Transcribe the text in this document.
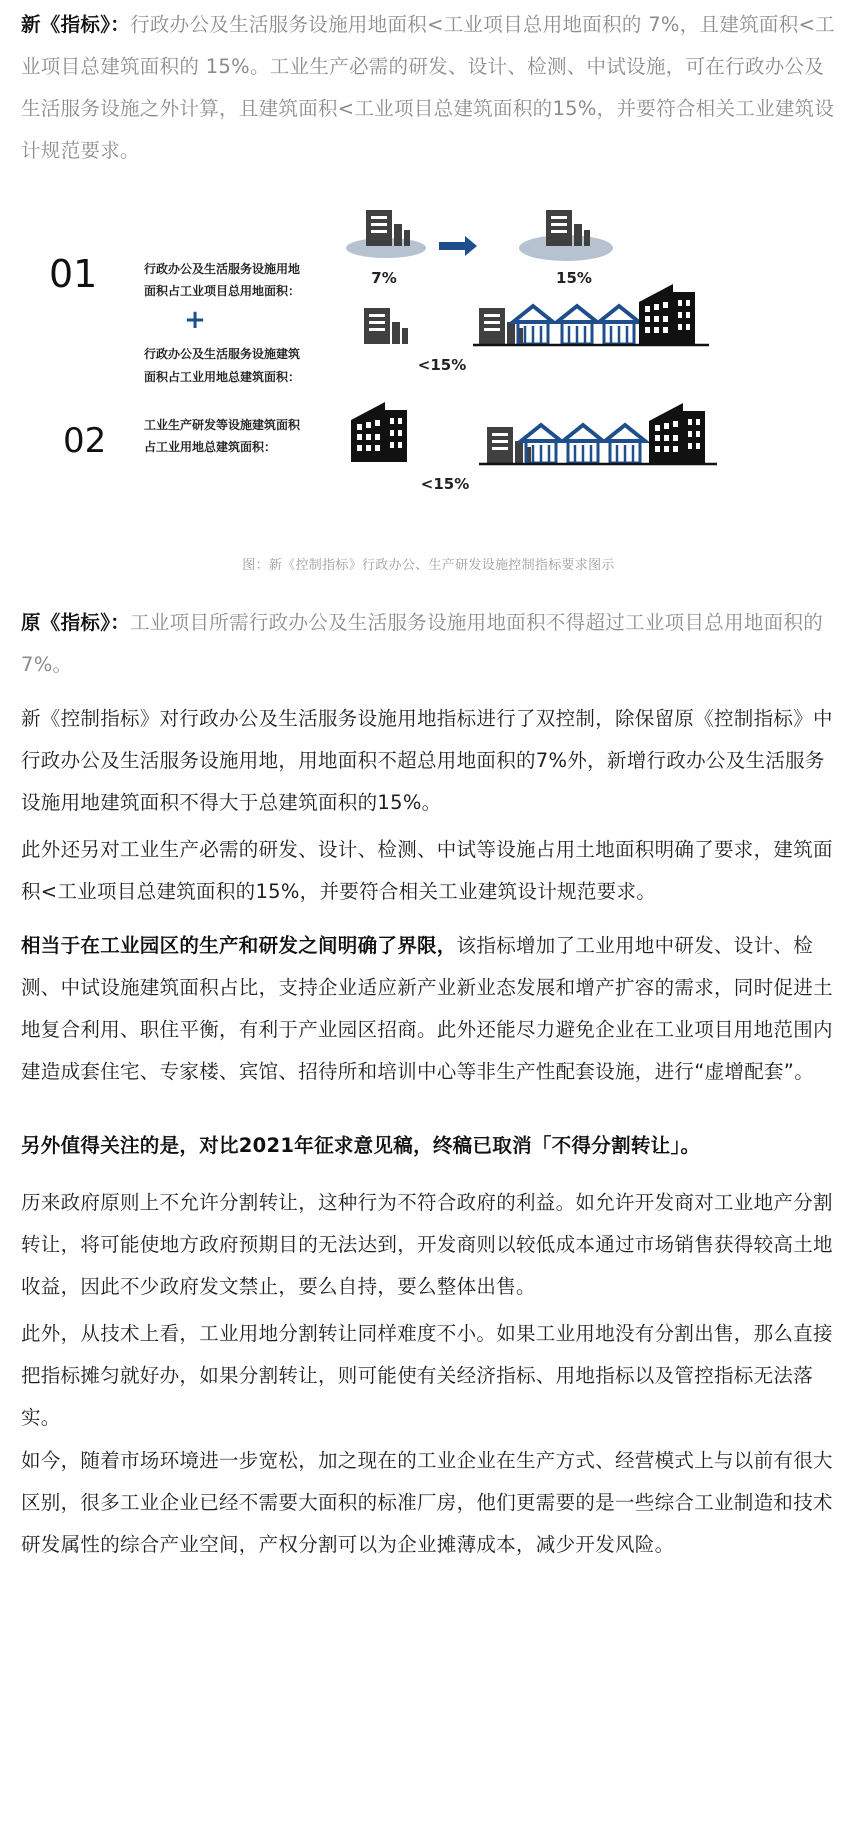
新《指标》：行政办公及生活服务设施用地面积<工业项目总用地面积的 7%，且建筑面积<工业项目总建筑面积的 15%。工业生产必需的研发、设计、检测、中试设施，可在行政办公及生活服务设施之外计算，且建筑面积<工业项目总建筑面积的15%，并要符合相关工业建筑设计规范要求。

01	行政办公及生活服务设施用地
面积占工业项目总用地面积：
+
行政办公及生活服务设施建筑
面积占工业用地总建筑面积：
7%	15%
<15%
02	工业生产研发等设施建筑面积
占工业用地总建筑面积：
<15%
图：新《控制指标》行政办公、生产研发设施控制指标要求图示

原《指标》：工业项目所需行政办公及生活服务设施用地面积不得超过工业项目总用地面积的7%。

新《控制指标》对行政办公及生活服务设施用地指标进行了双控制，除保留原《控制指标》中行政办公及生活服务设施用地，用地面积不超总用地面积的7%外，新增行政办公及生活服务设施用地建筑面积不得大于总建筑面积的15%。

此外还另对工业生产必需的研发、设计、检测、中试等设施占用土地面积明确了要求，建筑面积<工业项目总建筑面积的15%，并要符合相关工业建筑设计规范要求。

相当于在工业园区的生产和研发之间明确了界限，该指标增加了工业用地中研发、设计、检测、中试设施建筑面积占比，支持企业适应新产业新业态发展和增产扩容的需求，同时促进土地复合利用、职住平衡，有利于产业园区招商。此外还能尽力避免企业在工业项目用地范围内建造成套住宅、专家楼、宾馆、招待所和培训中心等非生产性配套设施，进行“虚增配套”。

另外值得关注的是，对比2021年征求意见稿，终稿已取消「不得分割转让」。

历来政府原则上不允许分割转让，这种行为不符合政府的利益。如允许开发商对工业地产分割转让，将可能使地方政府预期目的无法达到，开发商则以较低成本通过市场销售获得较高土地收益，因此不少政府发文禁止，要么自持，要么整体出售。

此外，从技术上看，工业用地分割转让同样难度不小。如果工业用地没有分割出售，那么直接把指标摊匀就好办，如果分割转让，则可能使有关经济指标、用地指标以及管控指标无法落实。

如今，随着市场环境进一步宽松，加之现在的工业企业在生产方式、经营模式上与以前有很大区别，很多工业企业已经不需要大面积的标准厂房，他们更需要的是一些综合工业制造和技术研发属性的综合产业空间，产权分割可以为企业摊薄成本，减少开发风险。
